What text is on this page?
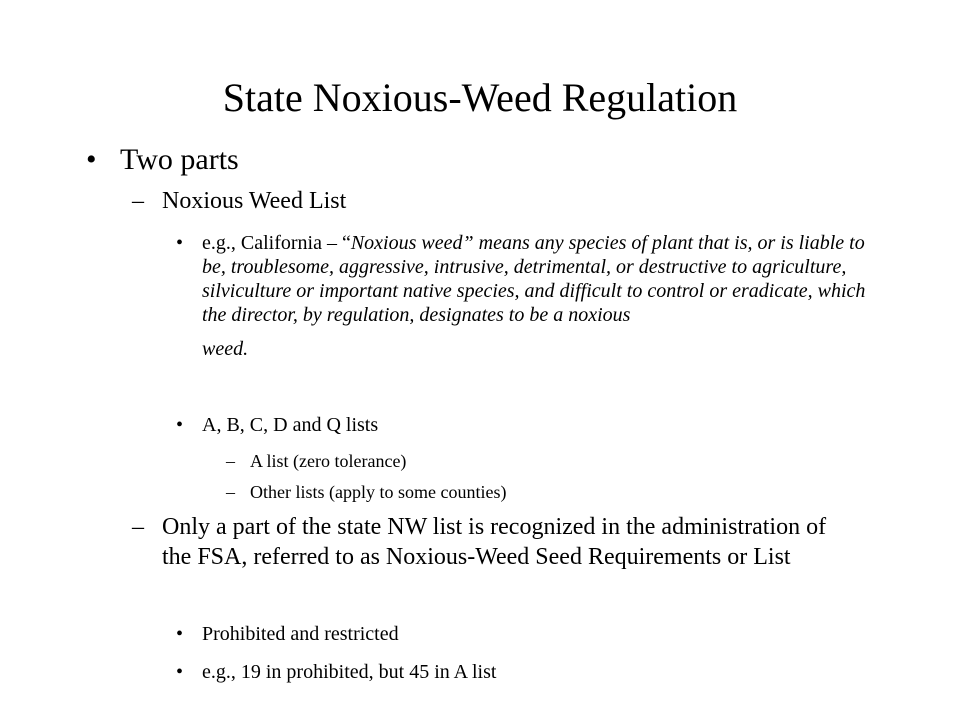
State Noxious-Weed Regulation
• Two parts
– Noxious Weed List
• e.g., California – “Noxious weed” means any species of plant that is, or is liable to be, troublesome, aggressive, intrusive, detrimental, or destructive to agriculture, silviculture or important native species, and difficult to control or eradicate, which the director, by regulation, designates to be a noxious
weed.
• A, B, C, D and Q lists
– A list (zero tolerance)
– Other lists (apply to some counties)
– Only a part of the state NW list is recognized in the administration of the FSA, referred to as Noxious-Weed Seed Requirements or List
• Prohibited and restricted
• e.g., 19 in prohibited, but 45 in A list
